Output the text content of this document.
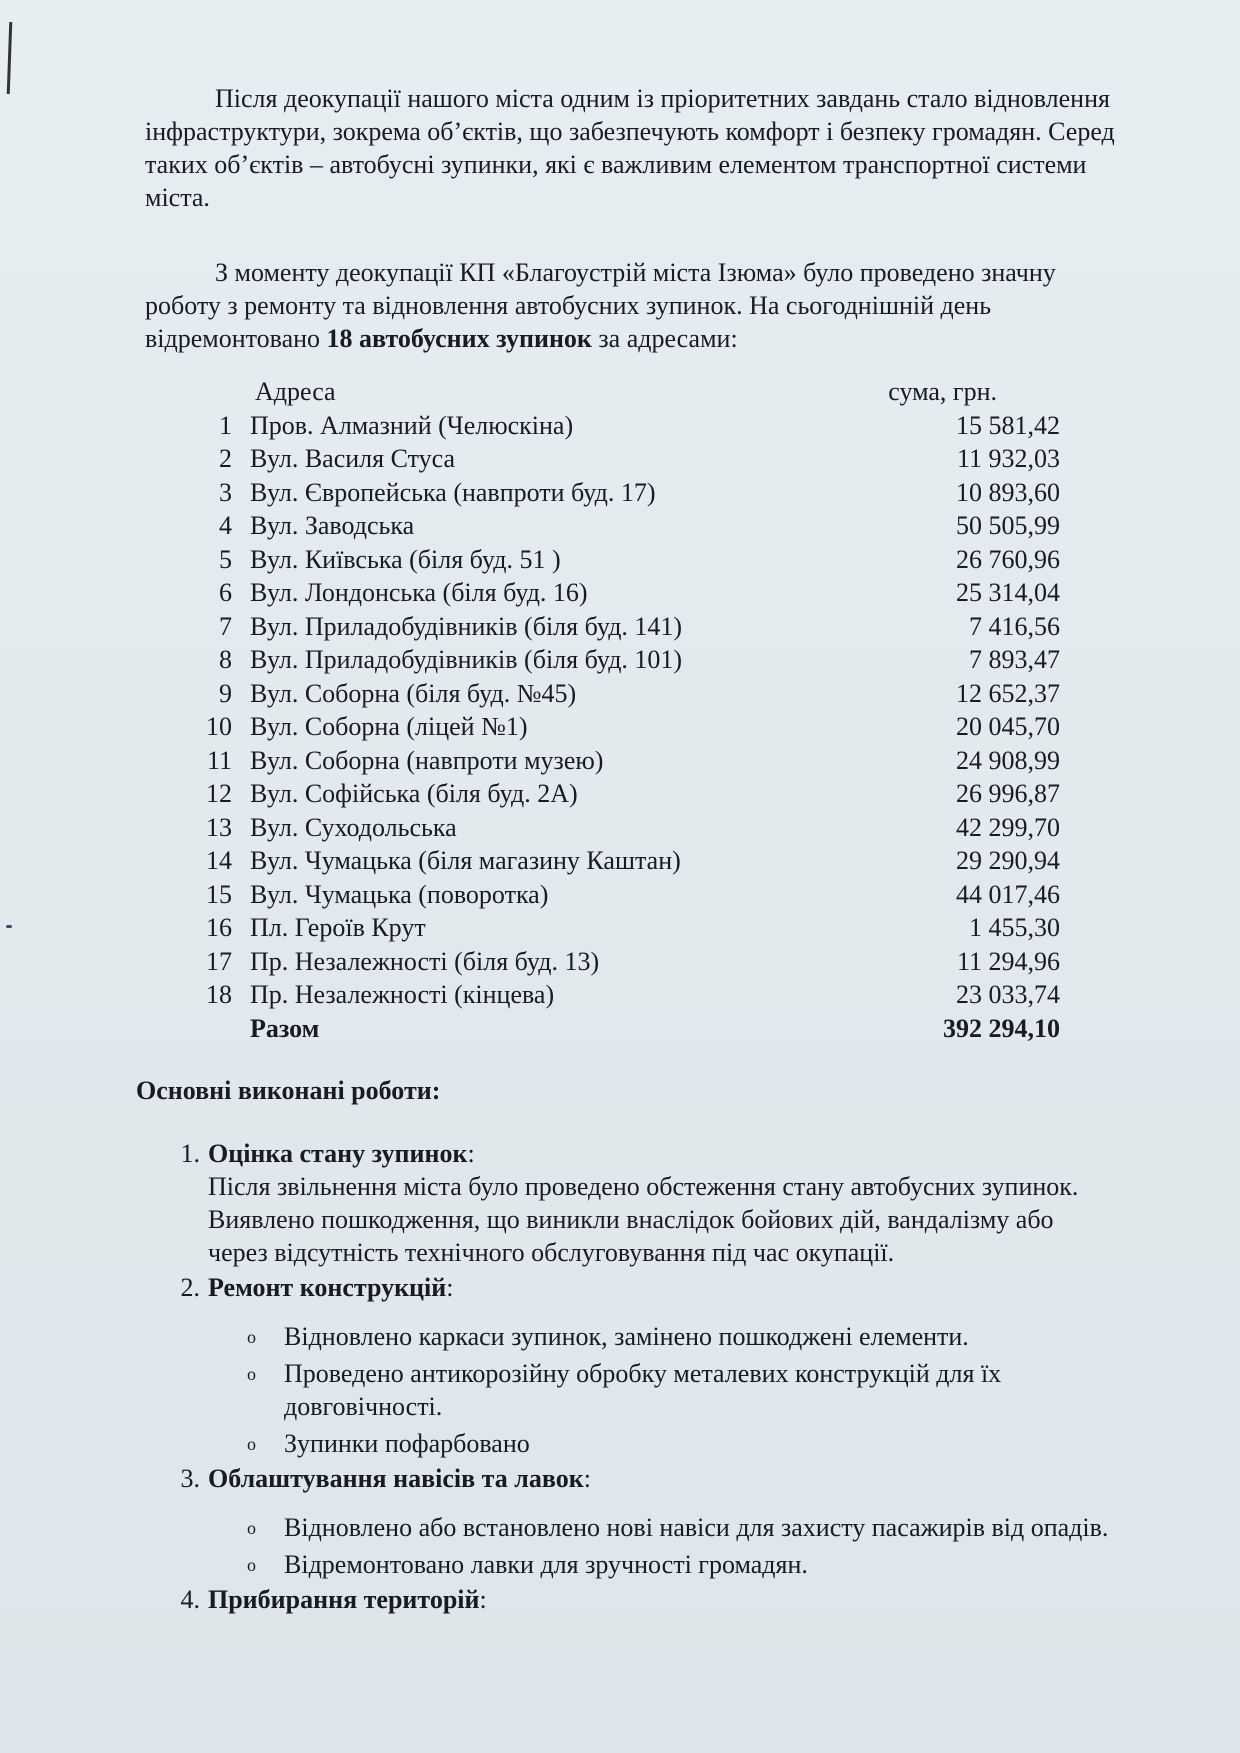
Після деокупації нашого міста одним із пріоритетних завдань стало відновлення інфраструктури, зокрема об’єктів, що забезпечують комфорт і безпеку громадян. Серед таких об’єктів – автобусні зупинки, які є важливим елементом транспортної системи міста.

З моменту деокупації КП «Благоустрій міста Ізюма» було проведено значну роботу з ремонту та відновлення автобусних зупинок. На сьогоднішній день відремонтовано 18 автобусних зупинок за адресами:

Адреса	сума, грн.
1 Пров. Алмазний (Челюскіна)	15 581,42
2 Вул. Василя Стуса	11 932,03
3 Вул. Європейська (навпроти буд. 17)	10 893,60
4 Вул. Заводська	50 505,99
5 Вул. Київська (біля буд. 51 )	26 760,96
6 Вул. Лондонська (біля буд. 16)	25 314,04
7 Вул. Приладобудівників (біля буд. 141)	7 416,56
8 Вул. Приладобудівників (біля буд. 101)	7 893,47
9 Вул. Соборна (біля буд. №45)	12 652,37
10 Вул. Соборна (ліцей №1)	20 045,70
11 Вул. Соборна (навпроти музею)	24 908,99
12 Вул. Софійська (біля буд. 2А)	26 996,87
13 Вул. Суходольська	42 299,70
14 Вул. Чумацька (біля магазину Каштан)	29 290,94
15 Вул. Чумацька (поворотка)	44 017,46
16 Пл. Героїв Крут	1 455,30
17 Пр. Незалежності (біля буд. 13)	11 294,96
18 Пр. Незалежності (кінцева)	23 033,74
Разом	392 294,10
Основні виконані роботи:
1. Оцінка стану зупинок:
Після звільнення міста було проведено обстеження стану автобусних зупинок. Виявлено пошкодження, що виникли внаслідок бойових дій, вандалізму або через відсутність технічного обслуговування під час окупації.
2. Ремонт конструкцій:
o Відновлено каркаси зупинок, замінено пошкоджені елементи.
o Проведено антикорозійну обробку металевих конструкцій для їх довговічності.
o Зупинки пофарбовано
3. Облаштування навісів та лавок:
o Відновлено або встановлено нові навіси для захисту пасажирів від опадів.
o Відремонтовано лавки для зручності громадян.
4. Прибирання територій:
